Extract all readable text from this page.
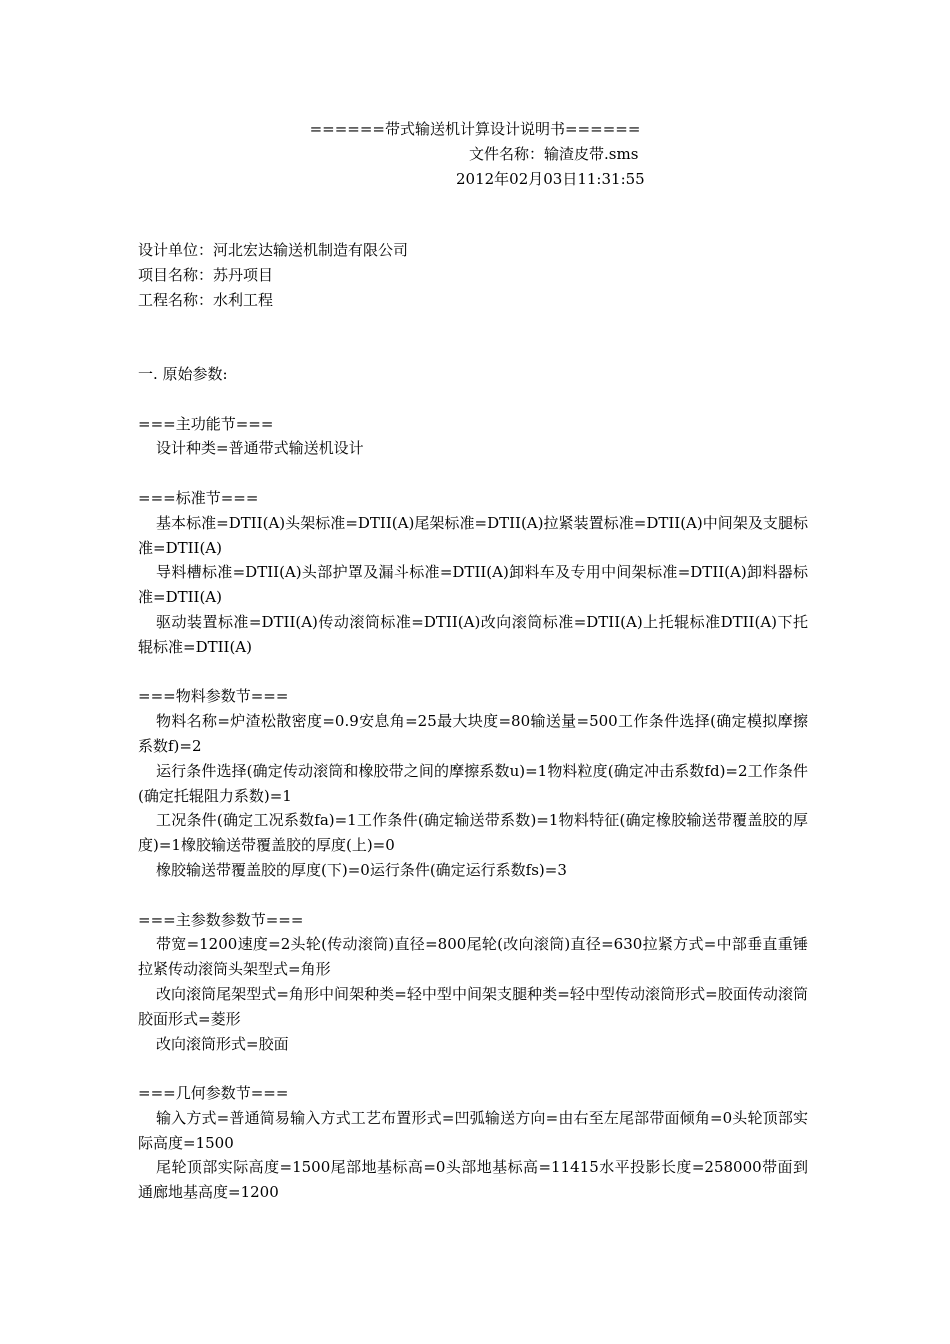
======带式输送机计算设计说明书======
文件名称：输渣皮带.sms
2012年02月03日11:31:55
设计单位：河北宏达输送机制造有限公司
项目名称：苏丹项目
工程名称：水利工程
一. 原始参数:
===主功能节===

设计种类=普通带式输送机设计

===标准节===

基本标准=DTII(A)头架标准=DTII(A)尾架标准=DTII(A)拉紧装置标准=DTII(A)中间架及支腿标准=DTII(A)

导料槽标准=DTII(A)头部护罩及漏斗标准=DTII(A)卸料车及专用中间架标准=DTII(A)卸料器标准=DTII(A)

驱动装置标准=DTII(A)传动滚筒标准=DTII(A)改向滚筒标准=DTII(A)上托辊标准DTII(A)下托辊标准=DTII(A)

===物料参数节===

物料名称=炉渣松散密度=0.9安息角=25最大块度=80输送量=500工作条件选择(确定模拟摩擦系数f)=2

运行条件选择(确定传动滚筒和橡胶带之间的摩擦系数u)=1物料粒度(确定冲击系数fd)=2工作条件(确定托辊阻力系数)=1

工况条件(确定工况系数fa)=1工作条件(确定输送带系数)=1物料特征(确定橡胶输送带覆盖胶的厚度)=1橡胶输送带覆盖胶的厚度(上)=0

橡胶输送带覆盖胶的厚度(下)=0运行条件(确定运行系数fs)=3

===主参数参数节===

带宽=1200速度=2头轮(传动滚筒)直径=800尾轮(改向滚筒)直径=630拉紧方式=中部垂直重锤拉紧传动滚筒头架型式=角形

改向滚筒尾架型式=角形中间架种类=轻中型中间架支腿种类=轻中型传动滚筒形式=胶面传动滚筒胶面形式=菱形

改向滚筒形式=胶面

===几何参数节===

输入方式=普通简易输入方式工艺布置形式=凹弧输送方向=由右至左尾部带面倾角=0头轮顶部实际高度=1500

尾轮顶部实际高度=1500尾部地基标高=0头部地基标高=11415水平投影长度=258000带面到通廊地基高度=1200
